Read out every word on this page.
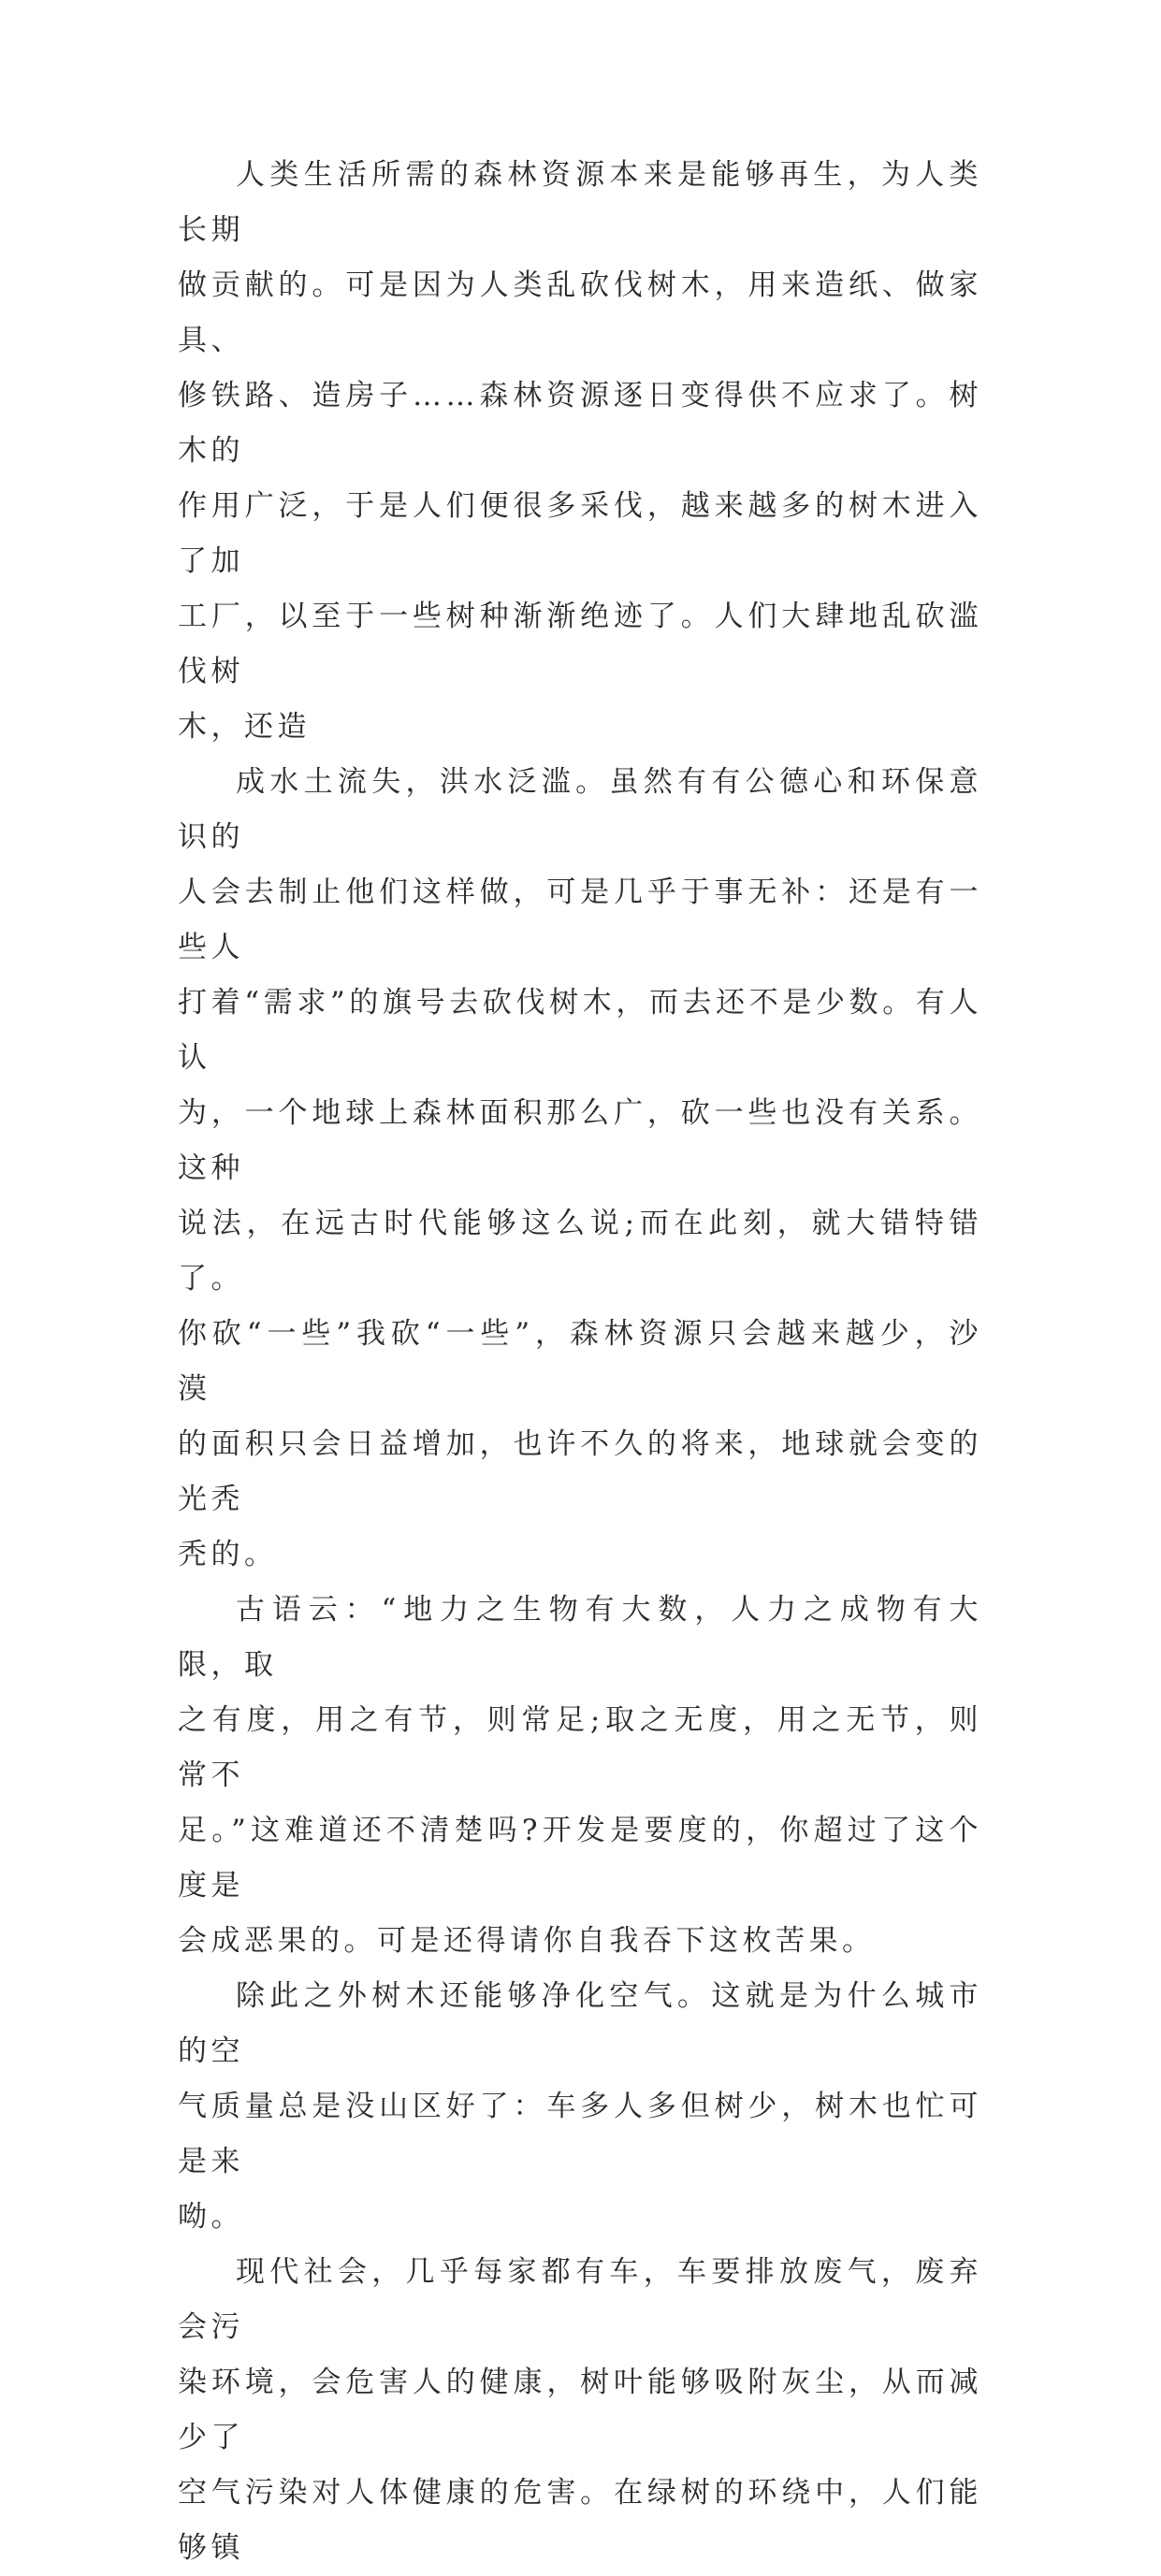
人类生活所需的森林资源本来是能够再生，为人类长期
做贡献的。可是因为人类乱砍伐树木，用来造纸、做家具、
修铁路、造房子……森林资源逐日变得供不应求了。树木的
作用广泛，于是人们便很多采伐，越来越多的树木进入了加
工厂，以至于一些树种渐渐绝迹了。人们大肆地乱砍滥伐树
木，还造

成水土流失，洪水泛滥。虽然有有公德心和环保意识的
人会去制止他们这样做，可是几乎于事无补：还是有一些人
打着“需求”的旗号去砍伐树木，而去还不是少数。有人认
为，一个地球上森林面积那么广，砍一些也没有关系。这种
说法，在远古时代能够这么说;而在此刻，就大错特错了。
你砍“一些”我砍“一些”，森林资源只会越来越少，沙漠
的面积只会日益增加，也许不久的将来，地球就会变的光秃
秃的。

古语云：“地力之生物有大数，人力之成物有大限，取
之有度，用之有节，则常足;取之无度，用之无节，则常不
足。”这难道还不清楚吗?开发是要度的，你超过了这个度是
会成恶果的。可是还得请你自我吞下这枚苦果。

除此之外树木还能够净化空气。这就是为什么城市的空
气质量总是没山区好了：车多人多但树少，树木也忙可是来
呦。

现代社会，几乎每家都有车，车要排放废气，废弃会污
染环境，会危害人的健康，树叶能够吸附灰尘，从而减少了
空气污染对人体健康的危害。在绿树的环绕中，人们能够镇
